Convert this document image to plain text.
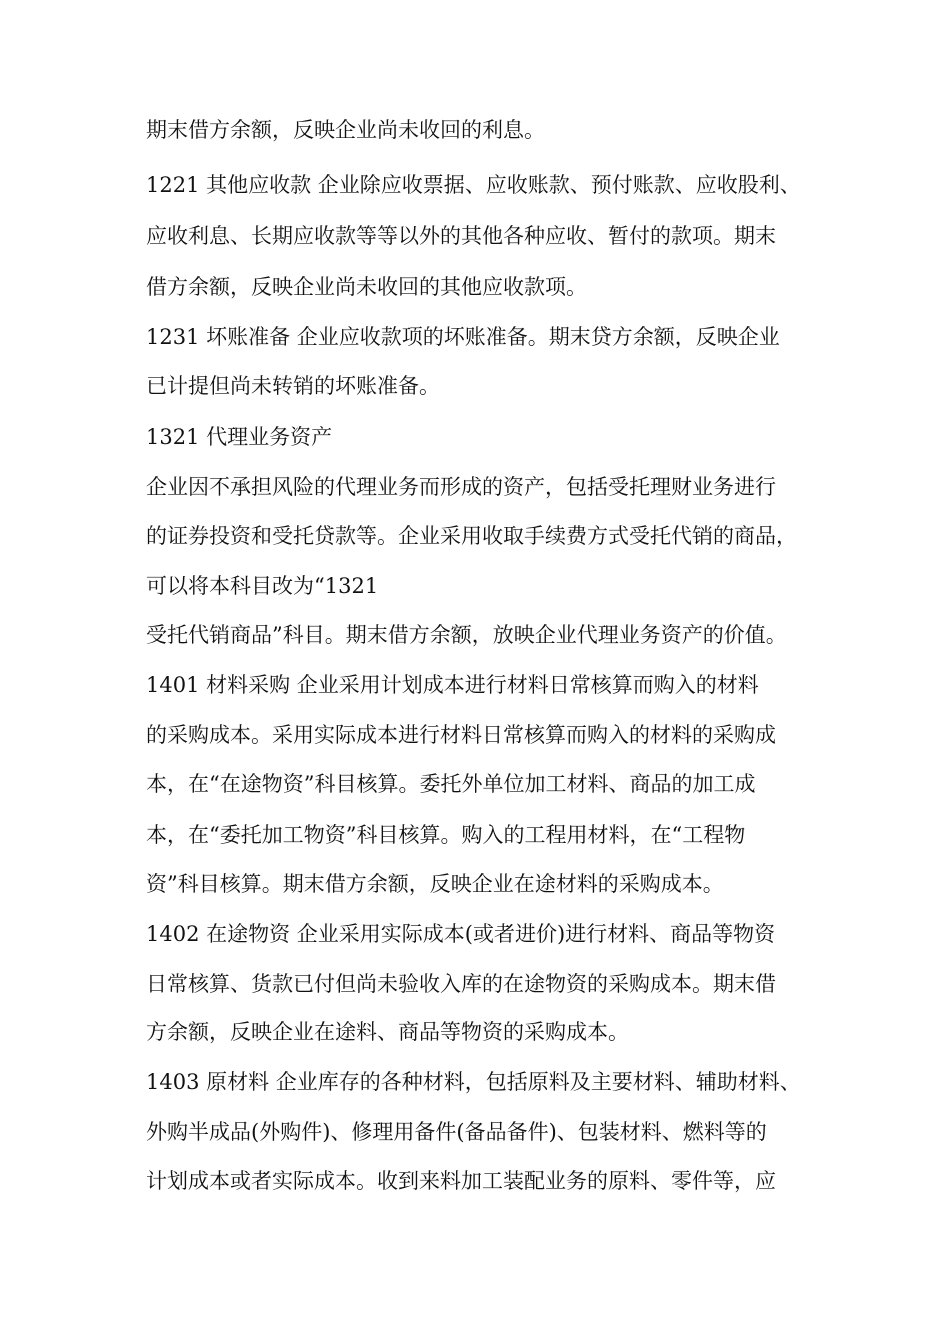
期末借方余额，反映企业尚未收回的利息。
1221 其他应收款 企业除应收票据、应收账款、预付账款、应收股利、
应收利息、长期应收款等等以外的其他各种应收、暂付的款项。期末
借方余额，反映企业尚未收回的其他应收款项。
1231 坏账准备 企业应收款项的坏账准备。期末贷方余额，反映企业
已计提但尚未转销的坏账准备。
1321 代理业务资产
企业因不承担风险的代理业务而形成的资产，包括受托理财业务进行
的证券投资和受托贷款等。企业采用收取手续费方式受托代销的商品，
可以将本科目改为“1321
受托代销商品”科目。期末借方余额，放映企业代理业务资产的价值。
1401 材料采购 企业采用计划成本进行材料日常核算而购入的材料
的采购成本。采用实际成本进行材料日常核算而购入的材料的采购成
本，在“在途物资”科目核算。委托外单位加工材料、商品的加工成
本，在“委托加工物资”科目核算。购入的工程用材料，在“工程物
资”科目核算。期末借方余额，反映企业在途材料的采购成本。
1402 在途物资 企业采用实际成本(或者进价)进行材料、商品等物资
日常核算、货款已付但尚未验收入库的在途物资的采购成本。期末借
方余额，反映企业在途料、商品等物资的采购成本。
1403 原材料 企业库存的各种材料，包括原料及主要材料、辅助材料、
外购半成品(外购件)、修理用备件(备品备件)、包装材料、燃料等的
计划成本或者实际成本。收到来料加工装配业务的原料、零件等，应
